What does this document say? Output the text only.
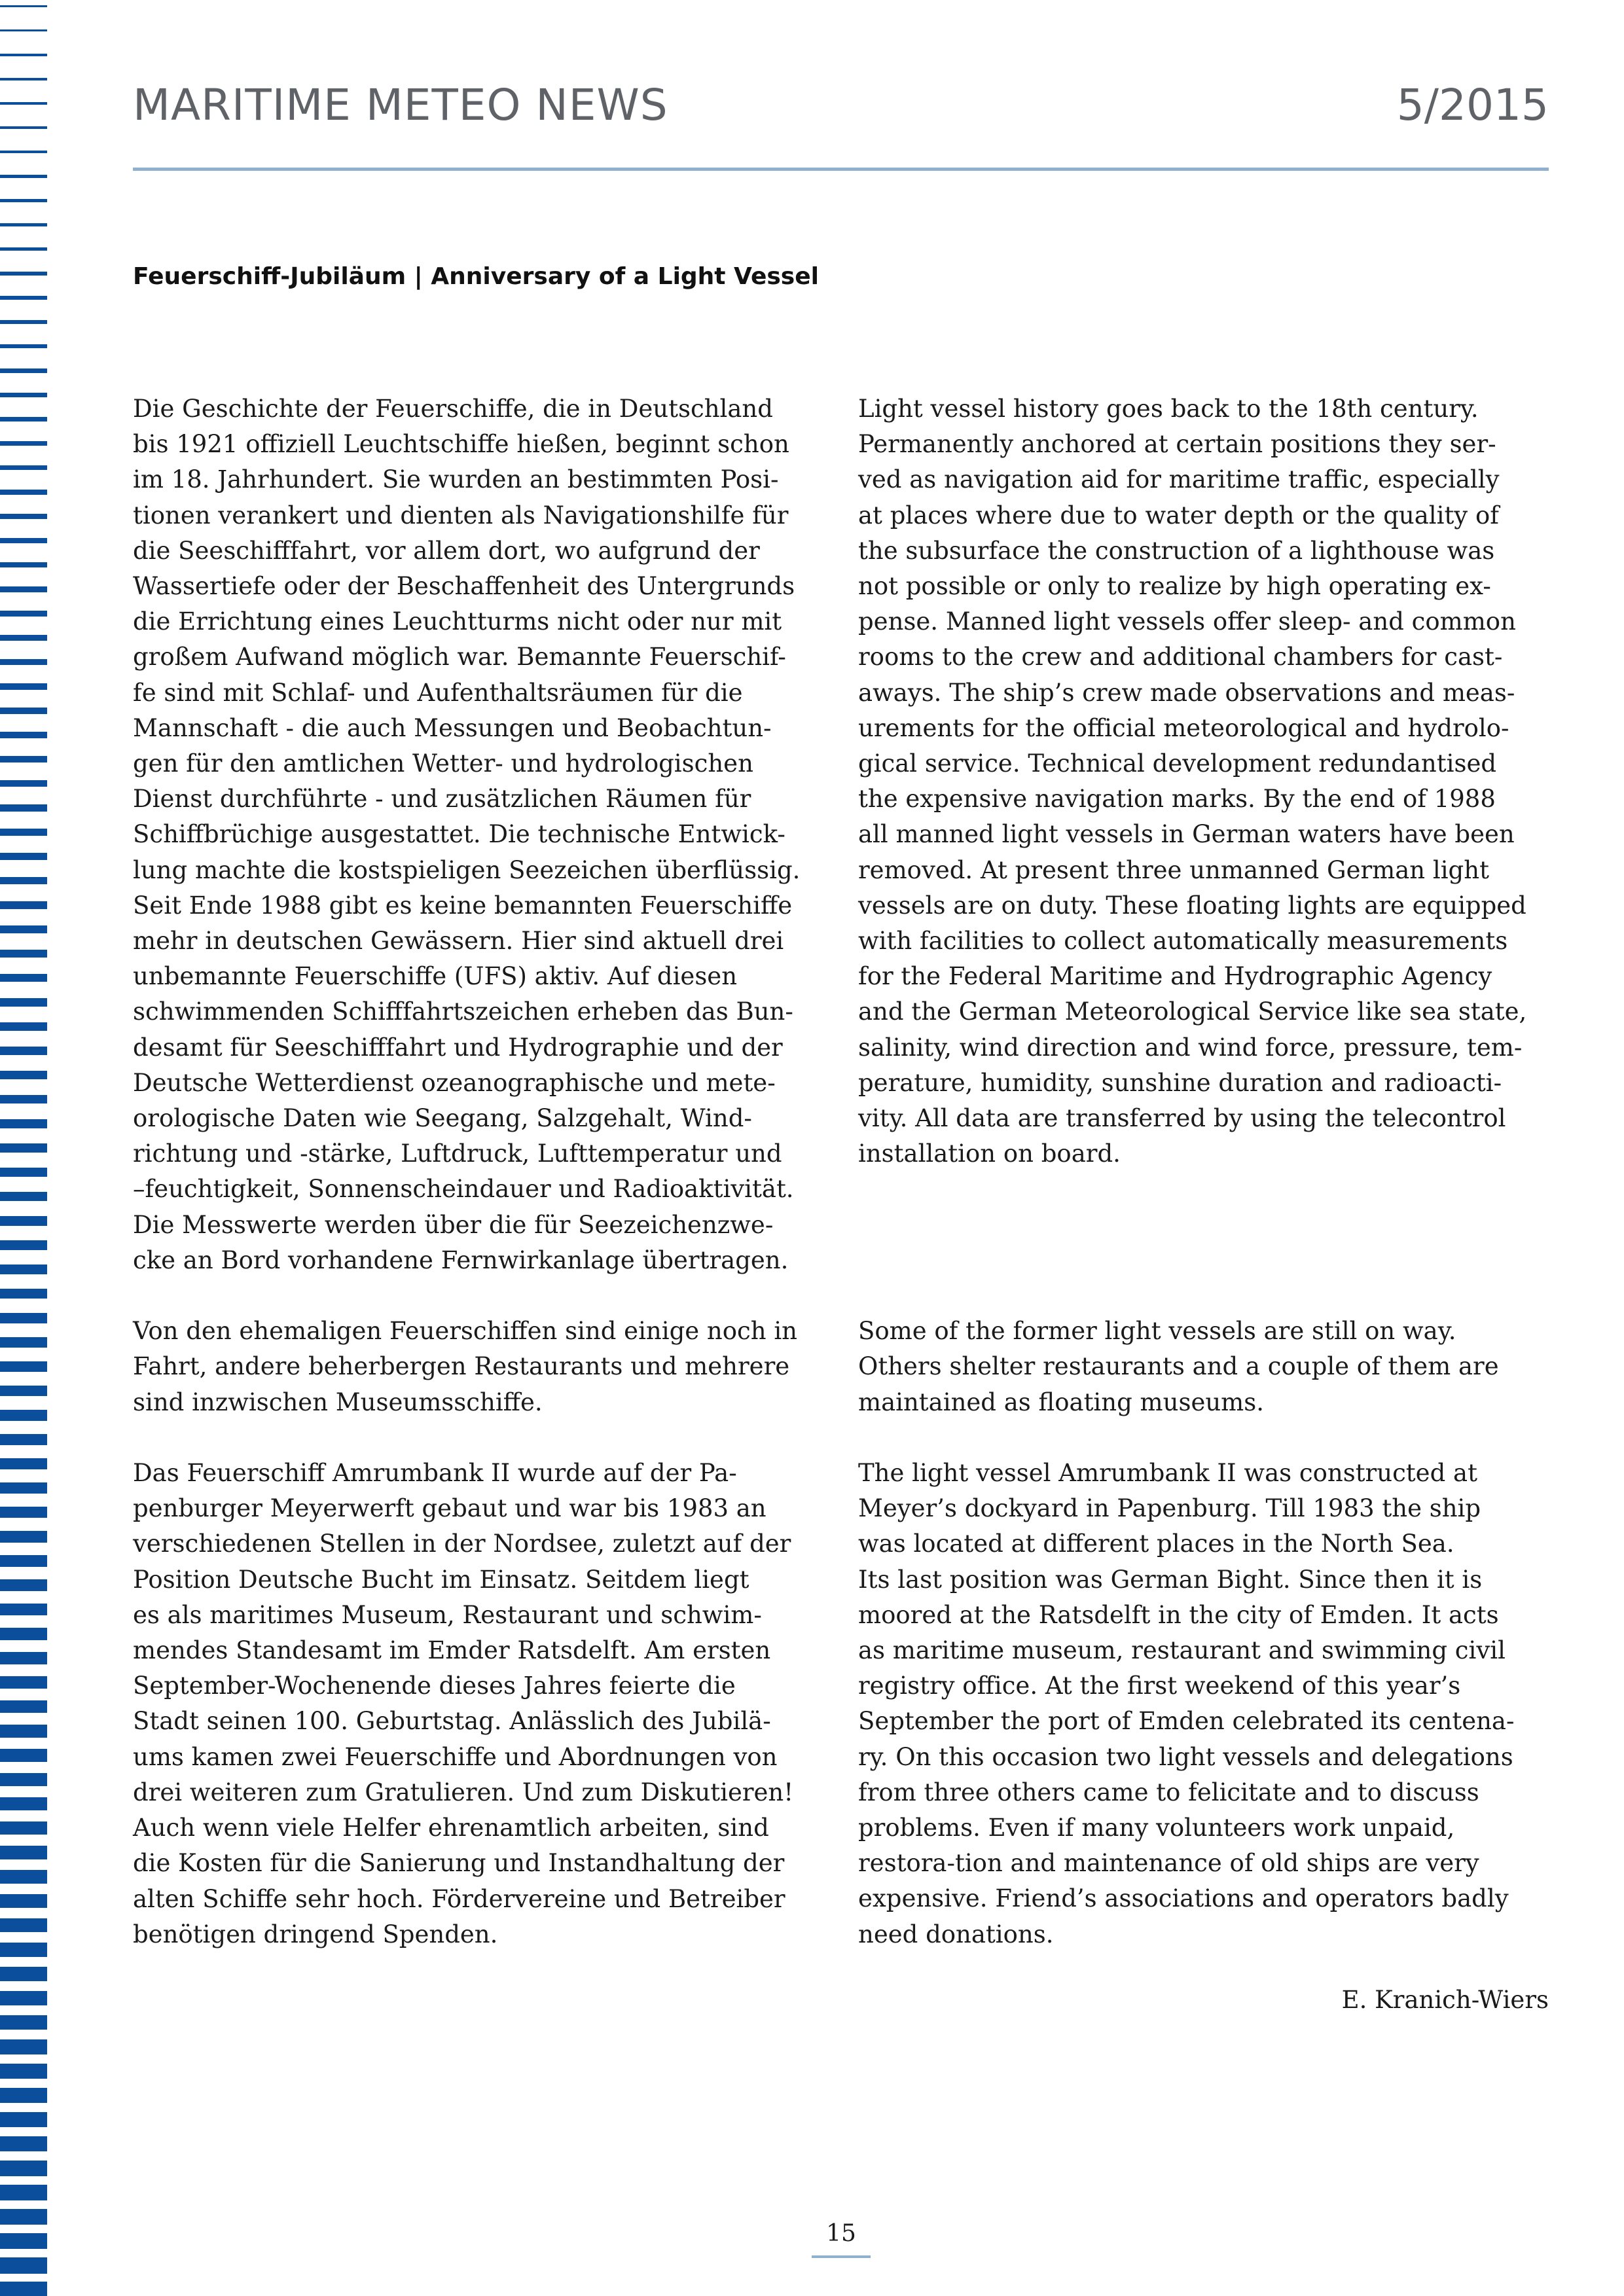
MARITIME METEO NEWS	5/2015
Feuerschiff-Jubiläum | Anniversary of a Light Vessel
Die Geschichte der Feuerschiffe, die in Deutschland
bis 1921 offiziell Leuchtschiffe hießen, beginnt schon
im 18. Jahrhundert. Sie wurden an bestimmten Posi-
tionen verankert und dienten als Navigationshilfe für
die Seeschifffahrt, vor allem dort, wo aufgrund der
Wassertiefe oder der Beschaffenheit des Untergrunds
die Errichtung eines Leuchtturms nicht oder nur mit
großem Aufwand möglich war. Bemannte Feuerschif-
fe sind mit Schlaf- und Aufenthaltsräumen für die
Mannschaft - die auch Messungen und Beobachtun-
gen für den amtlichen Wetter- und hydrologischen
Dienst durchführte - und zusätzlichen Räumen für
Schiffbrüchige ausgestattet. Die technische Entwick-
lung machte die kostspieligen Seezeichen überflüssig.
Seit Ende 1988 gibt es keine bemannten Feuerschiffe
mehr in deutschen Gewässern. Hier sind aktuell drei
unbemannte Feuerschiffe (UFS) aktiv. Auf diesen
schwimmenden Schifffahrtszeichen erheben das Bun-
desamt für Seeschifffahrt und Hydrographie und der
Deutsche Wetterdienst ozeanographische und mete-
orologische Daten wie Seegang, Salzgehalt, Wind-
richtung und -stärke, Luftdruck, Lufttemperatur und
–feuchtigkeit, Sonnenscheindauer und Radioaktivität.
Die Messwerte werden über die für Seezeichenzwe-
cke an Bord vorhandene Fernwirkanlage übertragen.
Von den ehemaligen Feuerschiffen sind einige noch in
Fahrt, andere beherbergen Restaurants und mehrere
sind inzwischen Museumsschiffe.
Das Feuerschiff Amrumbank II wurde auf der Pa-
penburger Meyerwerft gebaut und war bis 1983 an
verschiedenen Stellen in der Nordsee, zuletzt auf der
Position Deutsche Bucht im Einsatz. Seitdem liegt
es als maritimes Museum, Restaurant und schwim-
mendes Standesamt im Emder Ratsdelft. Am ersten
September-Wochenende dieses Jahres feierte die
Stadt seinen 100. Geburtstag. Anlässlich des Jubilä-
ums kamen zwei Feuerschiffe und Abordnungen von
drei weiteren zum Gratulieren. Und zum Diskutieren!
Auch wenn viele Helfer ehrenamtlich arbeiten, sind
die Kosten für die Sanierung und Instandhaltung der
alten Schiffe sehr hoch. Fördervereine und Betreiber
benötigen dringend Spenden.
Light vessel history goes back to the 18th century.
Permanently anchored at certain positions they ser-
ved as navigation aid for maritime traffic, especially
at places where due to water depth or the quality of
the subsurface the construction of a lighthouse was
not possible or only to realize by high operating ex-
pense. Manned light vessels offer sleep- and common
rooms to the crew and additional chambers for cast-
aways. The ship’s crew made observations and meas-
urements for the official meteorological and hydrolo-
gical service. Technical development redundantised
the expensive navigation marks. By the end of 1988
all manned light vessels in German waters have been
removed. At present three unmanned German light
vessels are on duty. These floating lights are equipped
with facilities to collect automatically measurements
for the Federal Maritime and Hydrographic Agency
and the German Meteorological Service like sea state,
salinity, wind direction and wind force, pressure, tem-
perature, humidity, sunshine duration and radioacti-
vity. All data are transferred by using the telecontrol
installation on board.
Some of the former light vessels are still on way.
Others shelter restaurants and a couple of them are
maintained as floating museums.
The light vessel Amrumbank II was constructed at
Meyer’s dockyard in Papenburg. Till 1983 the ship
was located at different places in the North Sea.
Its last position was German Bight. Since then it is
moored at the Ratsdelft in the city of Emden. It acts
as maritime museum, restaurant and swimming civil
registry office. At the first weekend of this year’s
September the port of Emden celebrated its centena-
ry. On this occasion two light vessels and delegations
from three others came to felicitate and to discuss
problems. Even if many volunteers work unpaid,
restora-tion and maintenance of old ships are very
expensive. Friend’s associations and operators badly
need donations.
E. Kranich-Wiers
15
